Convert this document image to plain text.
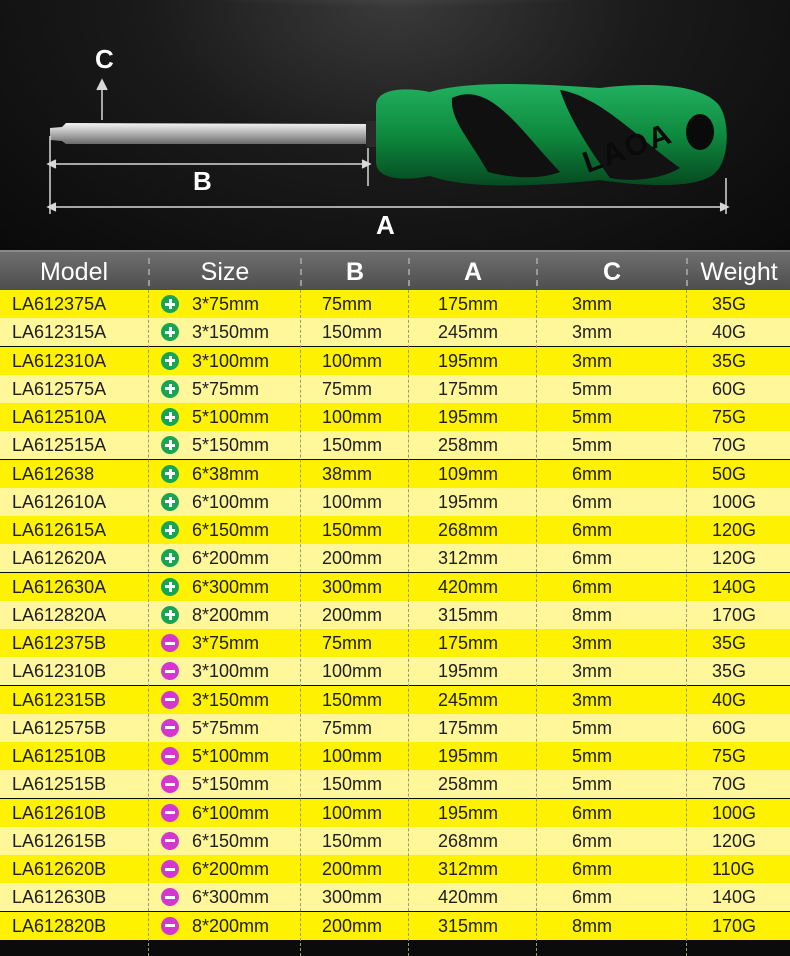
LAOA
C
B
A
Model	Size	B	A	C	Weight
LA612375A	3*75mm	75mm	175mm	3mm	35G
LA612315A	3*150mm	150mm	245mm	3mm	40G
LA612310A	3*100mm	100mm	195mm	3mm	35G
LA612575A	5*75mm	75mm	175mm	5mm	60G
LA612510A	5*100mm	100mm	195mm	5mm	75G
LA612515A	5*150mm	150mm	258mm	5mm	70G
LA612638	6*38mm	38mm	109mm	6mm	50G
LA612610A	6*100mm	100mm	195mm	6mm	100G
LA612615A	6*150mm	150mm	268mm	6mm	120G
LA612620A	6*200mm	200mm	312mm	6mm	120G
LA612630A	6*300mm	300mm	420mm	6mm	140G
LA612820A	8*200mm	200mm	315mm	8mm	170G
LA612375B	3*75mm	75mm	175mm	3mm	35G
LA612310B	3*100mm	100mm	195mm	3mm	35G
LA612315B	3*150mm	150mm	245mm	3mm	40G
LA612575B	5*75mm	75mm	175mm	5mm	60G
LA612510B	5*100mm	100mm	195mm	5mm	75G
LA612515B	5*150mm	150mm	258mm	5mm	70G
LA612610B	6*100mm	100mm	195mm	6mm	100G
LA612615B	6*150mm	150mm	268mm	6mm	120G
LA612620B	6*200mm	200mm	312mm	6mm	110G
LA612630B	6*300mm	300mm	420mm	6mm	140G
LA612820B	8*200mm	200mm	315mm	8mm	170G
